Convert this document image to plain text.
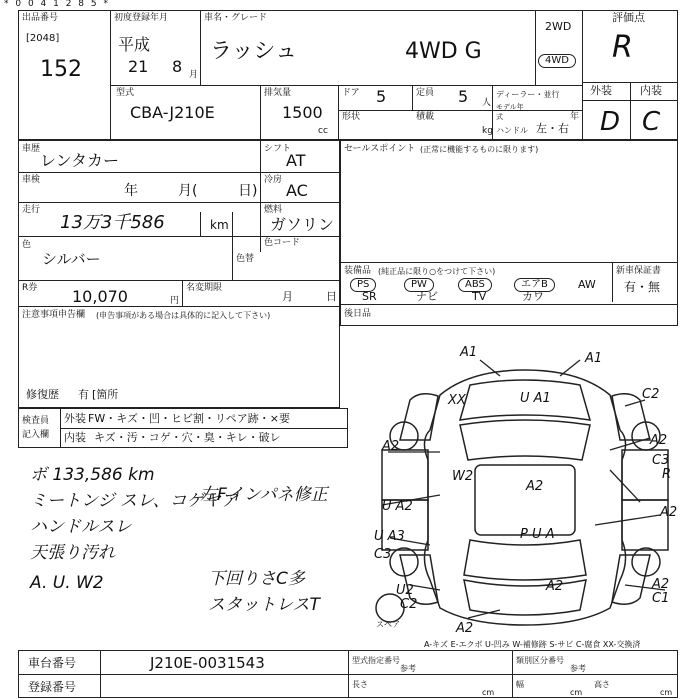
* 0 0 4 1 2 8 5 *
出品番号
[2048]
152
初度登録年月
平成
21 8 月
車名・グレード
ラッシュ	4WD G
2WD
4WD
評価点
R
外装	内装
D C
型式
CBA-J210E
排気量
1500
cc
ドア 5	定員 5 人
ディーラー・並行
モデル年式	年
形状	積載
kg ハンドル 左・右
車歴
レンタカー
シフト
AT
車検
年	月(	日)
冷房
AC
走行
13万3千586	km
燃料
ガソリン
色コード
色
シルバー	色替
R券 10,070	円
名変期限
月	日
注意事項申告欄 (申告事項がある場合は具体的に記入して下さい)
修復歴 有 [箇所
セールスポイント (正常に機能するものに限ります)
装備品 (純正品に限り○をつけて下さい)	新車保証書
有・無
PS	PW	ABS	エアB	AW
SR	ナビ	TV	カワ
後日品
検査員
記入欄
外装 FW・キズ・凹・ヒビ割・リペア跡・×要
内装 キズ・汚・コゲ・穴・臭・キレ・破レ
ボ 133,586 km
ミートンジ スレ、コゲヤア
左Fインパネ修正
ハンドルスレ
天張り汚れ
A. U. W2	下回りさC多
スタットレスT
A1	A1
XX	U A1	C2
A2
W2
A2
C3
R
A2
U A2
U A3
C3
A2
P U A
A2
U2
C2
A2
C1
A2
スペア
A-キズ E-エクボ U-凹み W-補修跡 S-サビ C-腐食 XX-交換済
車台番号	J210E-0031543
登録番号
型式指定番号
参考
類別区分番号
参考
長さ
cm
幅
cm
高さ
cm
